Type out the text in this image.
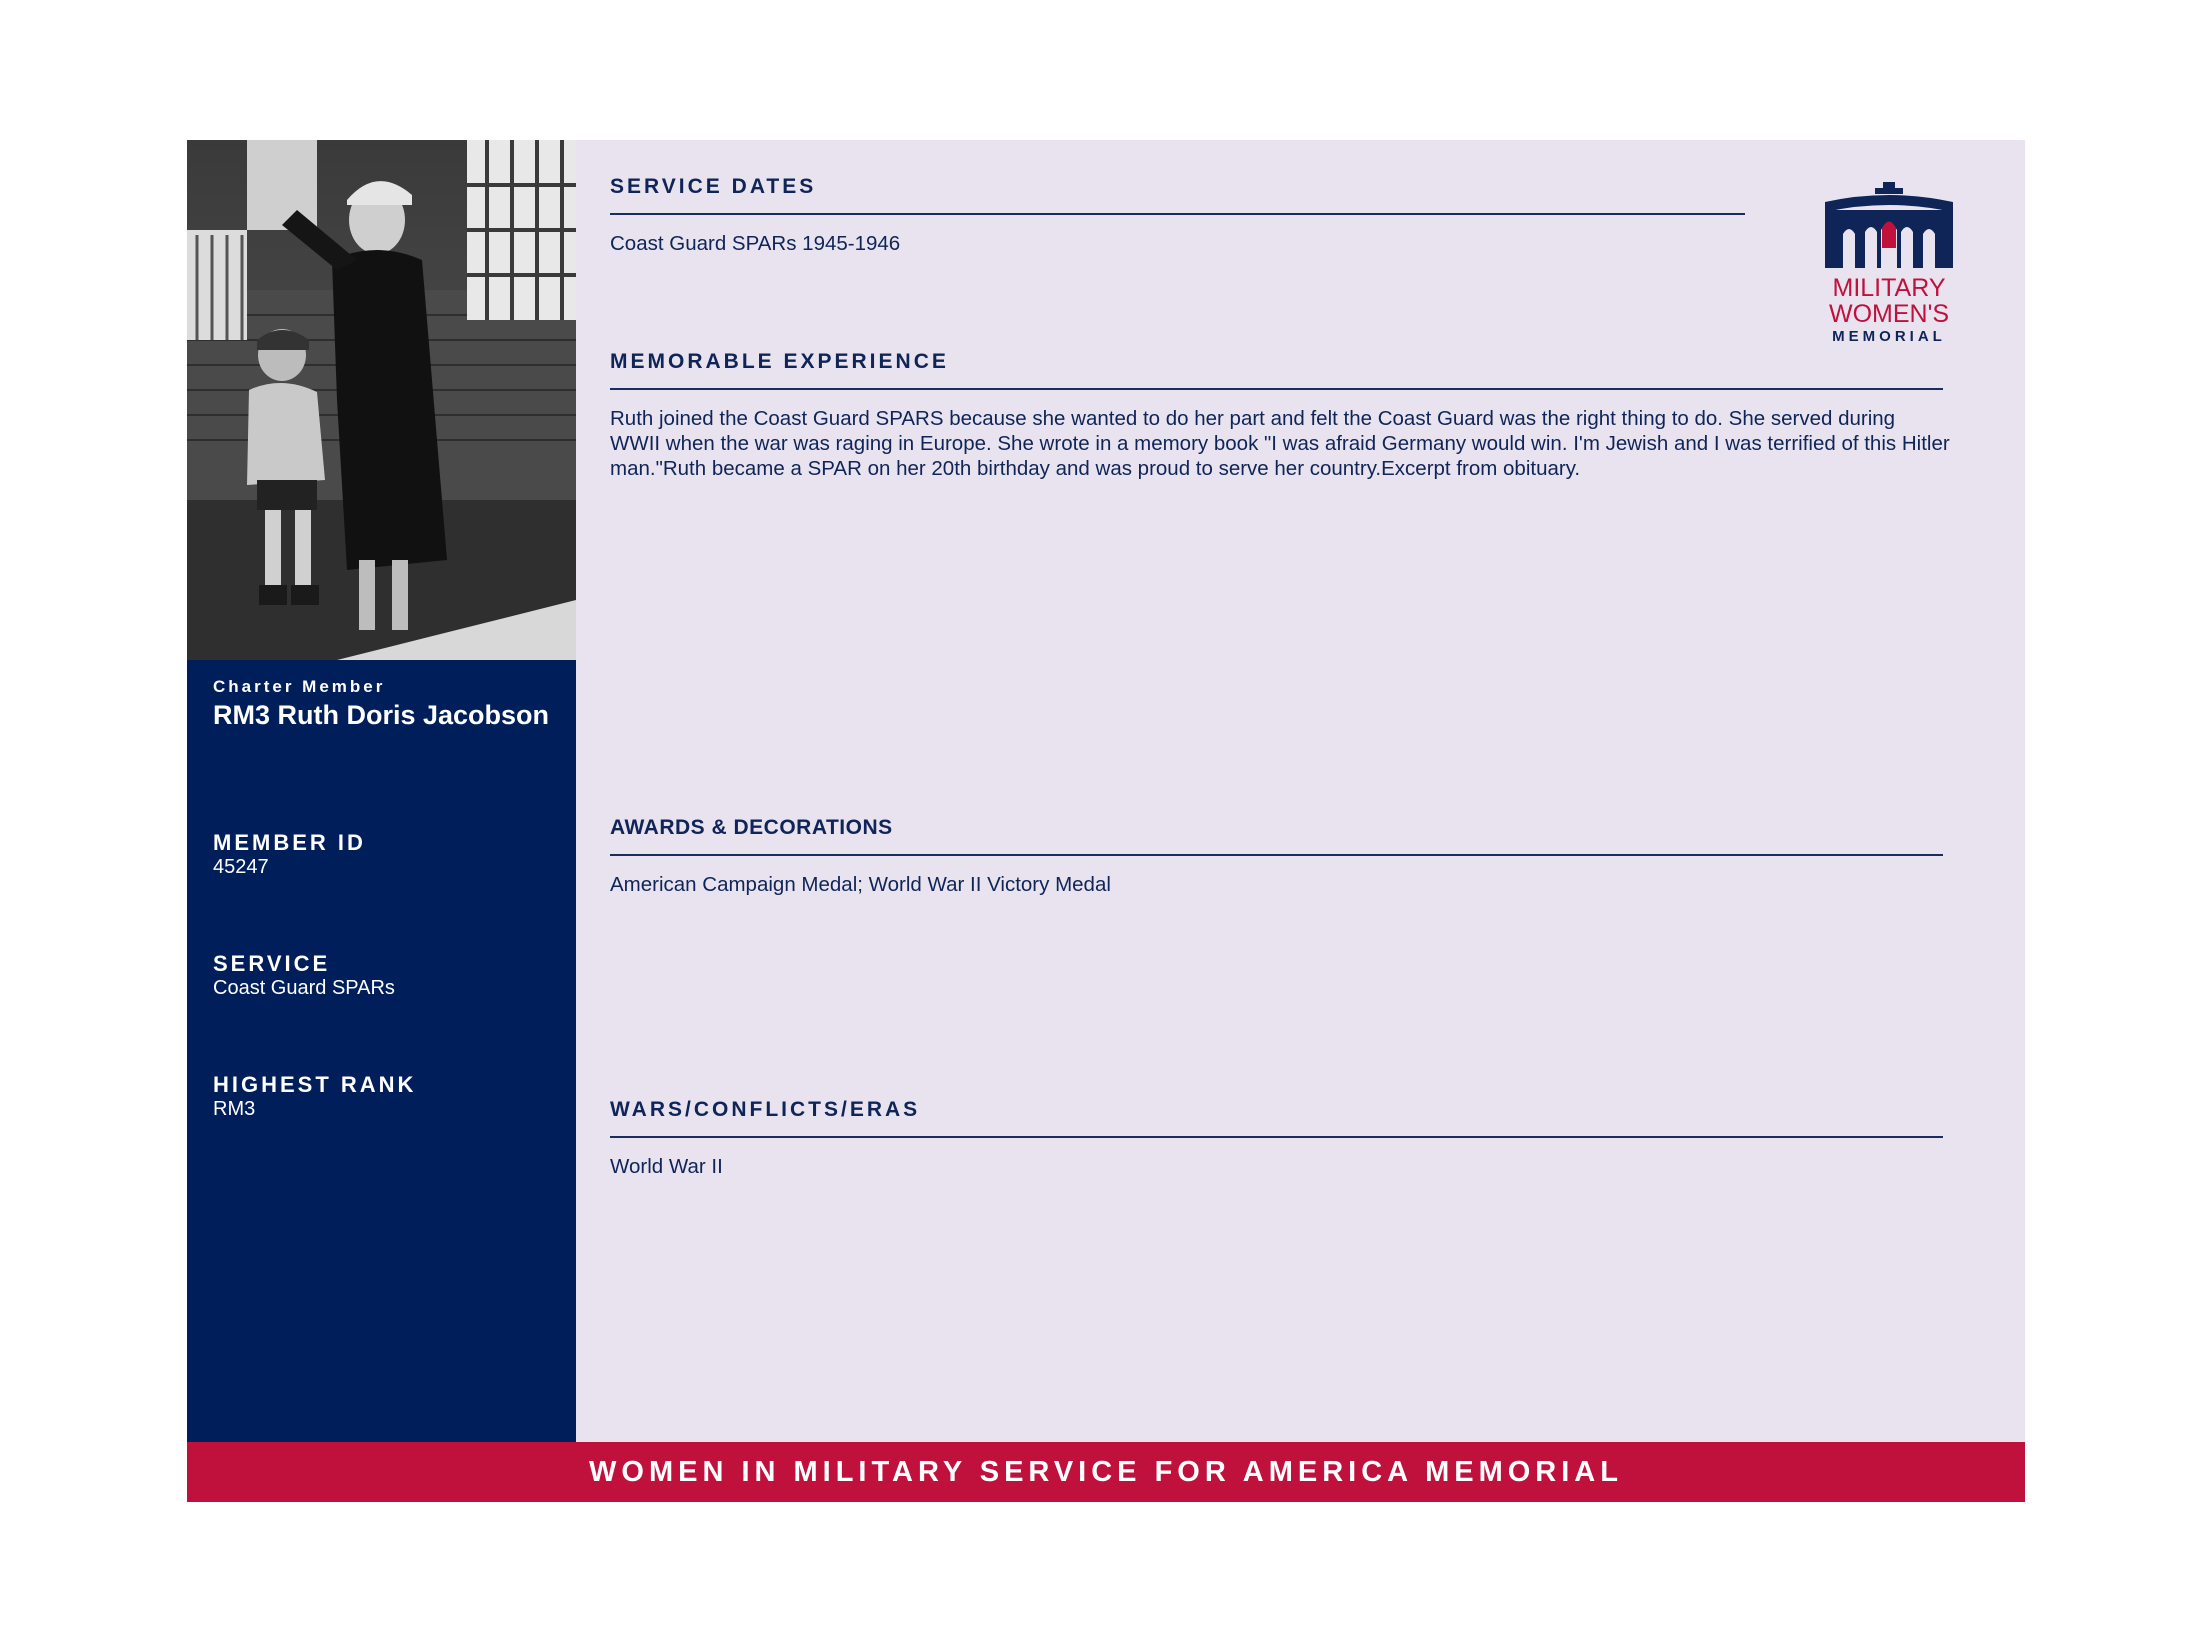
Charter Member
RM3 Ruth Doris Jacobson
MEMBER ID
45247
SERVICE
Coast Guard SPARs
HIGHEST RANK
RM3
SERVICE DATES
Coast Guard SPARs 1945-1946
MEMORABLE EXPERIENCE
Ruth joined the Coast Guard SPARS because she wanted to do her part and felt the Coast Guard was the right thing to do. She served during WWII when the war was raging in Europe. She wrote in a memory book "I was afraid Germany would win. I'm Jewish and I was terrified of this Hitler man."Ruth became a SPAR on her 20th birthday and was proud to serve her country.Excerpt from obituary.
AWARDS & DECORATIONS
American Campaign Medal; World War II Victory Medal
WARS/CONFLICTS/ERAS
World War II
MILITARY
WOMEN'S
MEMORIAL
WOMEN IN MILITARY SERVICE FOR AMERICA MEMORIAL
